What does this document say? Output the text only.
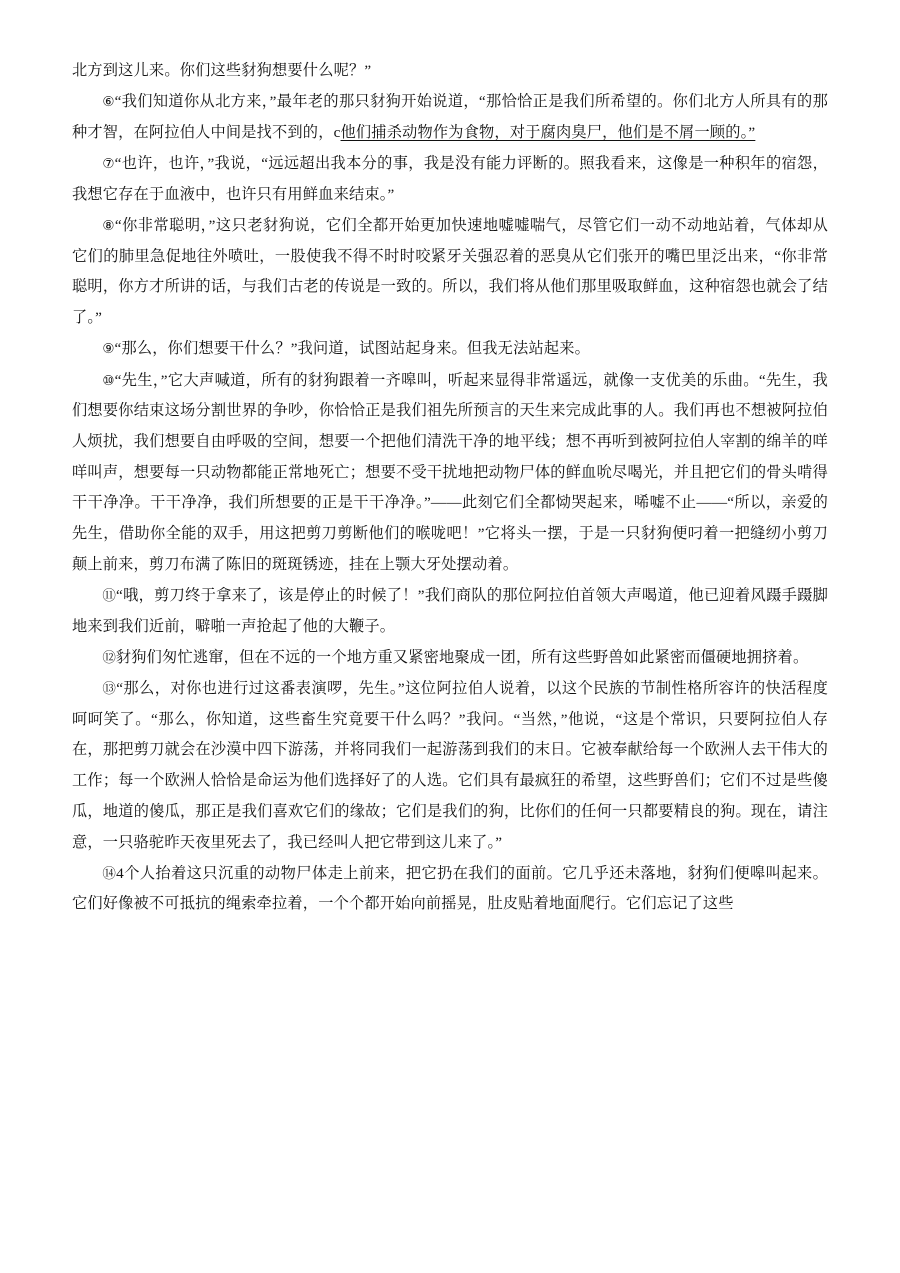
北方到这儿来。你们这些豺狗想要什么呢？”

⑥“我们知道你从北方来，”最年老的那只豺狗开始说道，“那恰恰正是我们所希望的。你们北方人所具有的那种才智，在阿拉伯人中间是找不到的，c他们捕杀动物作为食物，对于腐肉臭尸，他们是不屑一顾的。”

⑦“也许，也许，”我说，“远远超出我本分的事，我是没有能力评断的。照我看来，这像是一种积年的宿怨，我想它存在于血液中，也许只有用鲜血来结束。”

⑧“你非常聪明，”这只老豺狗说，它们全都开始更加快速地嘘嘘喘气，尽管它们一动不动地站着，气体却从它们的肺里急促地往外喷吐，一股使我不得不时时咬紧牙关强忍着的恶臭从它们张开的嘴巴里泛出来，“你非常聪明，你方才所讲的话，与我们古老的传说是一致的。所以，我们将从他们那里吸取鲜血，这种宿怨也就会了结了。”

⑨“那么，你们想要干什么？”我问道，试图站起身来。但我无法站起来。

⑩“先生，”它大声喊道，所有的豺狗跟着一齐嗥叫，听起来显得非常遥远，就像一支优美的乐曲。“先生，我们想要你结束这场分割世界的争吵，你恰恰正是我们祖先所预言的天生来完成此事的人。我们再也不想被阿拉伯人烦扰，我们想要自由呼吸的空间，想要一个把他们清洗干净的地平线；想不再听到被阿拉伯人宰割的绵羊的咩咩叫声，想要每一只动物都能正常地死亡；想要不受干扰地把动物尸体的鲜血吮尽喝光，并且把它们的骨头啃得干干净净。干干净净，我们所想要的正是干干净净。”——此刻它们全都恸哭起来，唏嘘不止——“所以，亲爱的先生，借助你全能的双手，用这把剪刀剪断他们的喉咙吧！”它将头一摆，于是一只豺狗便叼着一把缝纫小剪刀颠上前来，剪刀布满了陈旧的斑斑锈迹，挂在上颚大牙处摆动着。

⑪“哦，剪刀终于拿来了，该是停止的时候了！”我们商队的那位阿拉伯首领大声喝道，他已迎着风蹑手蹑脚地来到我们近前，噼啪一声抢起了他的大鞭子。

⑫豺狗们匆忙逃窜，但在不远的一个地方重又紧密地聚成一团，所有这些野兽如此紧密而僵硬地拥挤着。

⑬“那么，对你也进行过这番表演啰，先生。”这位阿拉伯人说着，以这个民族的节制性格所容许的快活程度呵呵笑了。“那么，你知道，这些畜生究竟要干什么吗？”我问。“当然，”他说，“这是个常识，只要阿拉伯人存在，那把剪刀就会在沙漠中四下游荡，并将同我们一起游荡到我们的末日。它被奉献给每一个欧洲人去干伟大的工作；每一个欧洲人恰恰是命运为他们选择好了的人选。它们具有最疯狂的希望，这些野兽们；它们不过是些傻瓜，地道的傻瓜，那正是我们喜欢它们的缘故；它们是我们的狗，比你们的任何一只都要精良的狗。现在，请注意，一只骆驼昨天夜里死去了，我已经叫人把它带到这儿来了。”

⑭4个人抬着这只沉重的动物尸体走上前来，把它扔在我们的面前。它几乎还未落地，豺狗们便嗥叫起来。它们好像被不可抵抗的绳索牵拉着，一个个都开始向前摇晃，肚皮贴着地面爬行。它们忘记了这些
